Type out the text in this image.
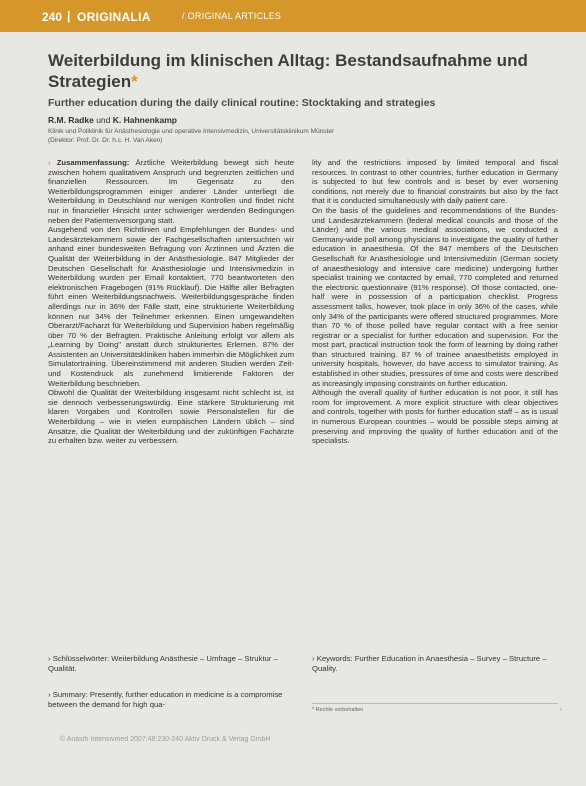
240 | ORIGINALIA	/ ORIGINAL ARTICLES
Weiterbildung im klinischen Alltag: Bestandsaufnahme und Strategien*
Further education during the daily clinical routine: Stocktaking and strategies
R.M. Radke und K. Hahnenkamp
Klinik und Poliklinik für Anästhesiologie und operative Intensivmedizin, Universitätsklinikum Münster
(Direktor: Prof. Dr. Dr. h.c. H. Van Aken)

› Zusammenfassung: Ärztliche Weiterbildung bewegt sich heute zwischen hohem qualitativem Anspruch und begrenzten zeitlichen und finanziellen Ressourcen. Im Gegensatz zu den Weiterbildungsprogrammen einiger anderer Länder unterliegt die Weiterbildung in Deutschland nur wenigen Kontrollen und findet nicht nur in finanzieller Hinsicht unter schwieriger werdenden Bedingungen neben der Patientenversorgung statt.

Ausgehend von den Richtlinien und Empfehlungen der Bundes- und Landesärztekammern sowie der Fachgesellschaften untersuchten wir anhand einer bundesweiten Befragung von Ärztinnen und Ärzten die Qualität der Weiterbildung in der Anästhesiologie. 847 Mitglieder der Deutschen Gesellschaft für Anästhesiologie und Intensivmedizin in Weiterbildung wurden per Email kontaktiert, 770 beantworteten den elektronischen Fragebogen (91% Rücklauf). Die Hälfte aller Befragten führt einen Weiterbildungsnachweis. Weiterbildungsgespräche finden allerdings nur in 36% der Fälle statt, eine strukturierte Weiterbildung können nur 34% der Teilnehmer erkennen. Einen umgewandelten Oberarzt/Facharzt für Weiterbildung und Supervision haben regelmäßig über 70 % der Befragten. Praktische Anleitung erfolgt vor allem als „Learning by Doing" anstatt durch strukturiertes Erlernen. 87% der Assistenten an Universitätskliniken haben immerhin die Möglichkeit zum Simulatortraining. Übereinstimmend mit anderen Studien werden Zeit- und Kostendruck als zunehmend limitierende Faktoren der Weiterbildung beschrieben.

Obwohl die Qualität der Weiterbildung insgesamt nicht schlecht ist, ist sie dennoch verbesserungswürdig. Eine stärkere Strukturierung mit klaren Vorgaben und Kontrollen sowie Personalstellen für die Weiterbildung – wie in vielen europäischen Ländern üblich – sind Ansätze, die Qualität der Weiterbildung und der zukünftigen Fachärzte zu erhalten bzw. weiter zu verbessern.

lity and the restrictions imposed by limited temporal and fiscal resources. In contrast to other countries, further education in Germany is subjected to but few controls and is beset by ever worsening conditions, not merely due to financial constraints but also by the fact that it is conducted simultaneously with daily patient care.

On the basis of the guidelines and recommendations of the Bundes- und Landesärztekammern (federal medical councils and those of the Länder) and the various medical associations, we conducted a Germany-wide poll among physicians to investigate the quality of further education in anaesthesia. Of the 847 members of the Deutschen Gesellschaft für Anästhesiologie und Intensivmedizin (German society of anaesthesiology and intensive care medicine) undergoing further specialist training we contacted by email, 770 completed and returned the electronic questionnaire (91% response). Of those contacted, one-half were in possession of a participation checklist. Progress assessment talks, however, took place in only 36% of the cases, while only 34% of the participants were offered structured programmes. More than 70 % of those polled have regular contact with a free senior registrar or a specialist for further education and supervision. For the most part, practical instruction took the form of learning by doing rather than structured training. 87 % of trainee anaesthetists employed in university hospitals, however, do have access to simulator training. As established in other studies, pressures of time and costs were described as increasingly imposing constraints on further education.

Although the overall quality of further education is not poor, it still has room for improvement. A more explicit structure with clear objectives and controls, together with posts for further education staff – as is usual in numerous European countries – would be possible steps aiming at preserving and improving the quality of further education and of the specialists.

› Schlüsselwörter: Weiterbildung Anästhesie – Umfrage – Struktur – Qualität.
› Keywords: Further Education in Anaesthesia – Survey – Structure – Quality.
› Summary: Presently, further education in medicine is a compromise between the demand for high qua-
* Rechte vorbehalten	›
© Anästh Intensivmed 2007;48:230-240 Aktiv Druck & Verlag GmbH
